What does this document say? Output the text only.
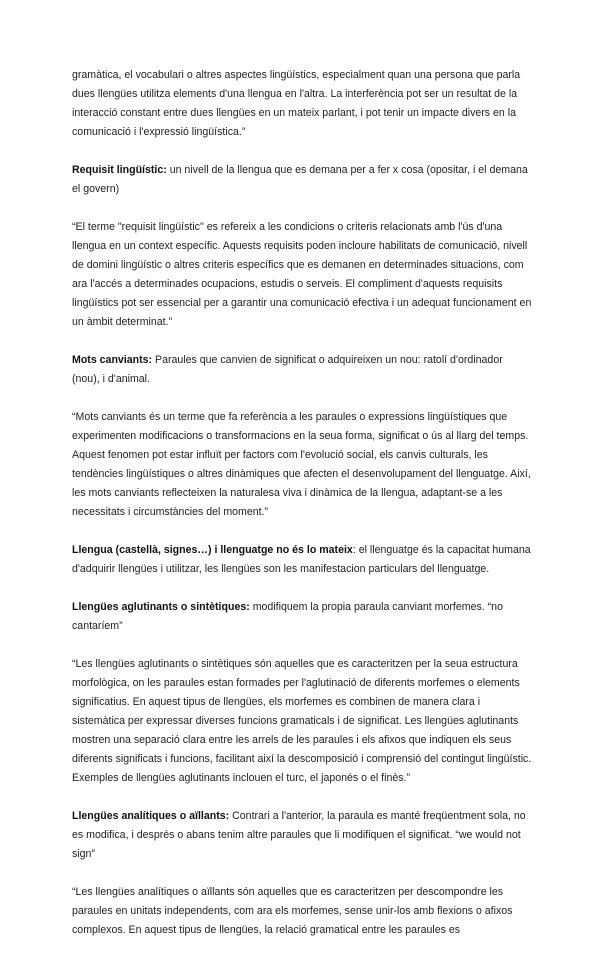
gramàtica, el vocabulari o altres aspectes lingüístics, especialment quan una persona que parla dues llengües utilitza elements d'una llengua en l'altra. La interferència pot ser un resultat de la interacció constant entre dues llengües en un mateix parlant, i pot tenir un impacte divers en la comunicació i l'expressió lingüística.”

Requisit lingüístic: un nivell de la llengua que es demana per a fer x cosa (opositar, i el demana el govern)

“El terme "requisit lingüístic" es refereix a les condicions o criteris relacionats amb l'ús d'una llengua en un context específic. Aquests requisits poden incloure habilitats de comunicació, nivell de domini lingüístic o altres criteris específics que es demanen en determinades situacions, com ara l'accés a determinades ocupacions, estudis o serveis. El compliment d'aquests requisits lingüístics pot ser essencial per a garantir una comunicació efectiva i un adequat funcionament en un àmbit determinat.”

Mots canviants: Paraules que canvien de significat o adquireixen un nou: ratolí d'ordinador (nou), i d'animal.

“Mots canviants és un terme que fa referència a les paraules o expressions lingüístiques que experimenten modificacions o transformacions en la seua forma, significat o ús al llarg del temps. Aquest fenomen pot estar influït per factors com l'evolució social, els canvis culturals, les tendències lingüístiques o altres dinàmiques que afecten el desenvolupament del llenguatge. Així, les mots canviants reflecteixen la naturalesa viva i dinàmica de la llengua, adaptant-se a les necessitats i circumstàncies del moment.”

Llengua (castellà, signes…) i llenguatge no és lo mateix: el llenguatge és la capacitat humana d'adquirir llengües i utilitzar, les llengües son les manifestacion particulars del llenguatge.

Llengües aglutinants o sintètiques: modifiquem la propia paraula canviant morfemes. “no cantaríem”

“Les llengües aglutinants o sintètiques són aquelles que es caracteritzen per la seua estructura morfològica, on les paraules estan formades per l'aglutinació de diferents morfemes o elements significatius. En aquest tipus de llengües, els morfemes es combinen de manera clara i sistemàtica per expressar diverses funcions gramaticals i de significat. Les llengües aglutinants mostren una separació clara entre les arrels de les paraules i els afixos que indiquen els seus diferents significats i funcions, facilitant així la descomposició i comprensió del contingut lingüístic. Exemples de llengües aglutinants inclouen el turc, el japonés o el finès.”

Llengües analítiques o aïllants: Contrari a l'anterior, la paraula es manté freqüentment sola, no es modifica, i després o abans tenim altre paraules que li modifiquen el significat. “we would not sign”

“Les llengües analítiques o aïllants són aquelles que es caracteritzen per descompondre les paraules en unitats independents, com ara els morfemes, sense unir-los amb flexions o afixos complexos. En aquest tipus de llengües, la relació gramatical entre les paraules es
